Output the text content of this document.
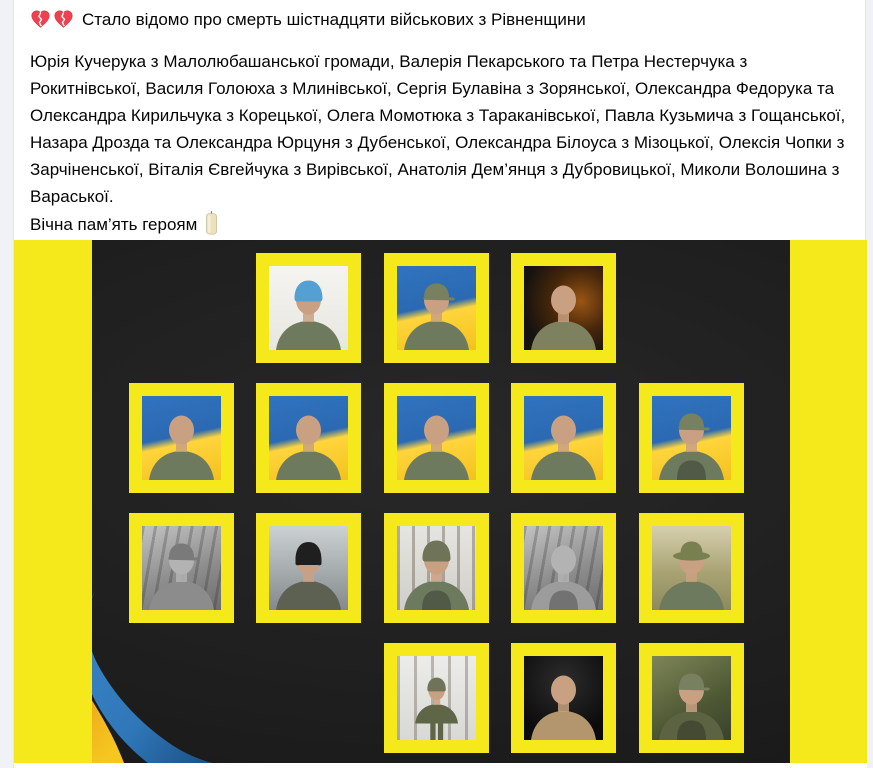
Стало відомо про смерть шістнадцяти військових з Рівненщини

Юрія Кучерука з Малолюбашанської громади, Валерія Пекарського та Петра Нестерчука з Рокитнівської, Василя Голоюха з Млинівської, Сергія Булавіна з Зорянської, Олександра Федорука та Олександра Кирильчука з Корецької, Олега Момотюка з Тараканівської, Павла Кузьмича з Гощанської, Назара Дрозда та Олександра Юрцуня з Дубенської, Олександра Білоуса з Мізоцької, Олексія Чопки з Зарчіненської, Віталія Євгейчука з Вирівської, Анатолія Дем’янця з Дубровицької, Миколи Волошина з Вараської.

Вічна пам’ять героям
